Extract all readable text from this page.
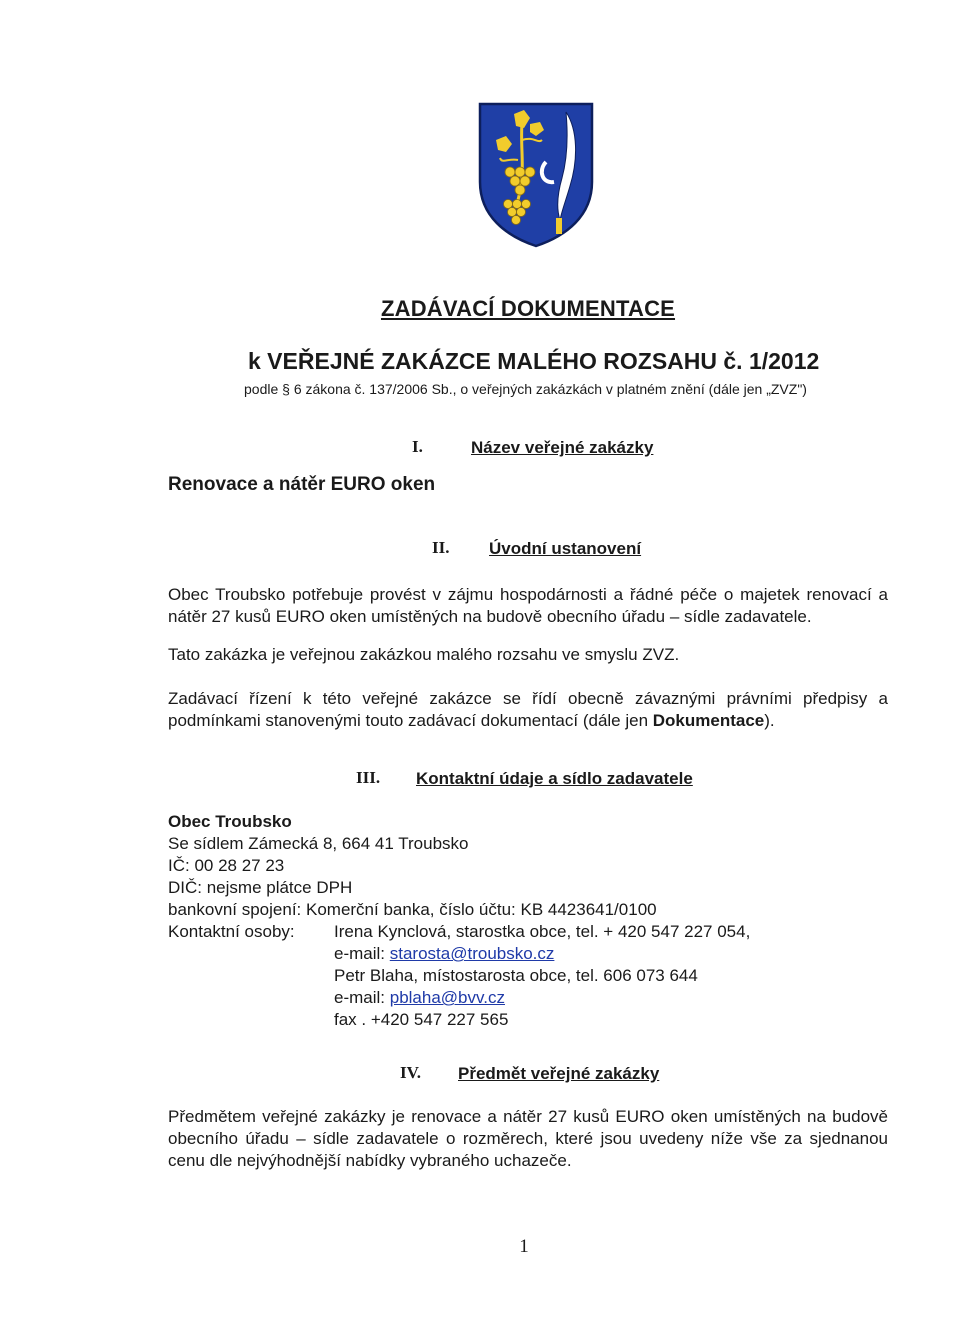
ZADÁVACÍ DOKUMENTACE
k VEŘEJNÉ ZAKÁZCE MALÉHO ROZSAHU č. 1/2012
podle § 6 zákona č. 137/2006 Sb., o veřejných zakázkách v platném znění (dále jen „ZVZ")
I.	Název veřejné zakázky
Renovace a nátěr EURO oken
II. Úvodní ustanovení
Obec Troubsko potřebuje provést v zájmu hospodárnosti a řádné péče o majetek renovací a nátěr 27 kusů EURO oken umístěných na budově obecního úřadu – sídle zadavatele.
Tato zakázka je veřejnou zakázkou malého rozsahu ve smyslu ZVZ.
Zadávací řízení k této veřejné zakázce se řídí obecně závaznými právními předpisy a podmínkami stanovenými touto zadávací dokumentací (dále jen Dokumentace).
III. Kontaktní údaje a sídlo zadavatele
Obec Troubsko
Se sídlem Zámecká 8, 664 41 Troubsko
IČ: 00 28 27 23
DIČ: nejsme plátce DPH
bankovní spojení: Komerční banka, číslo účtu: KB 4423641/0100
Kontaktní osoby: Irena Kynclová, starostka obce, tel. + 420 547 227 054,
e-mail: starosta@troubsko.cz
Petr Blaha, místostarosta obce, tel. 606 073 644
e-mail: pblaha@bvv.cz
fax . +420 547 227 565
IV. Předmět veřejné zakázky
Předmětem veřejné zakázky je renovace a nátěr 27 kusů EURO oken umístěných na budově obecního úřadu – sídle zadavatele o rozměrech, které jsou uvedeny níže vše za sjednanou cenu dle nejvýhodnější nabídky vybraného uchazeče.
1
